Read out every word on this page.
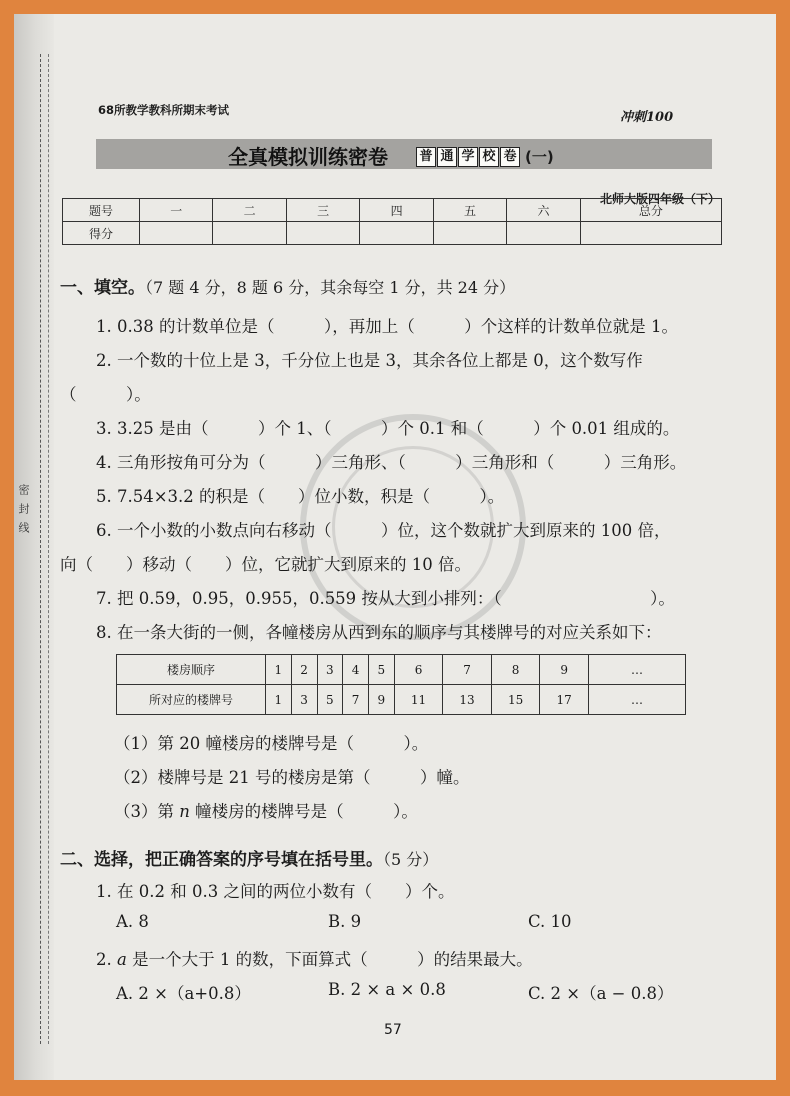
密封线
68所教学教科所期末考试	冲刺100
全真模拟训练密卷 普 通 学 校 卷 (一)
北师大版四年级（下）
题号	一	二	三	四	五	六	总分
得分							
一、填空。（7 题 4 分，8 题 6 分，其余每空 1 分，共 24 分）
1. 0.38 的计数单位是（　　　），再加上（　　　）个这样的计数单位就是 1。
2. 一个数的十位上是 3，千分位上也是 3，其余各位上都是 0，这个数写作
（　　　）。
3. 3.25 是由（　　　）个 1、（　　　）个 0.1 和（　　　）个 0.01 组成的。
4. 三角形按角可分为（　　　）三角形、（　　　）三角形和（　　　）三角形。
5. 7.54×3.2 的积是（　　）位小数，积是（　　　）。
6. 一个小数的小数点向右移动（　　　）位，这个数就扩大到原来的 100 倍，
向（　　）移动（　　）位，它就扩大到原来的 10 倍。
7. 把 0.59，0.95，0.955，0.559 按从大到小排列：（　　　　　　　　　）。
8. 在一条大街的一侧，各幢楼房从西到东的顺序与其楼牌号的对应关系如下：
楼房顺序	1	2	3	4	5	6	7	8	9	…
所对应的楼牌号	1	3	5	7	9	11	13	15	17	…
（1）第 20 幢楼房的楼牌号是（　　　）。
（2）楼牌号是 21 号的楼房是第（　　　）幢。
（3）第 n 幢楼房的楼牌号是（　　　）。
二、选择，把正确答案的序号填在括号里。（5 分）
1. 在 0.2 和 0.3 之间的两位小数有（　　）个。
A. 8	B. 9	C. 10
2. a 是一个大于 1 的数，下面算式（　　　）的结果最大。
A. 2 ×（a+0.8）	B. 2 × a × 0.8	C. 2 ×（a − 0.8）
57
